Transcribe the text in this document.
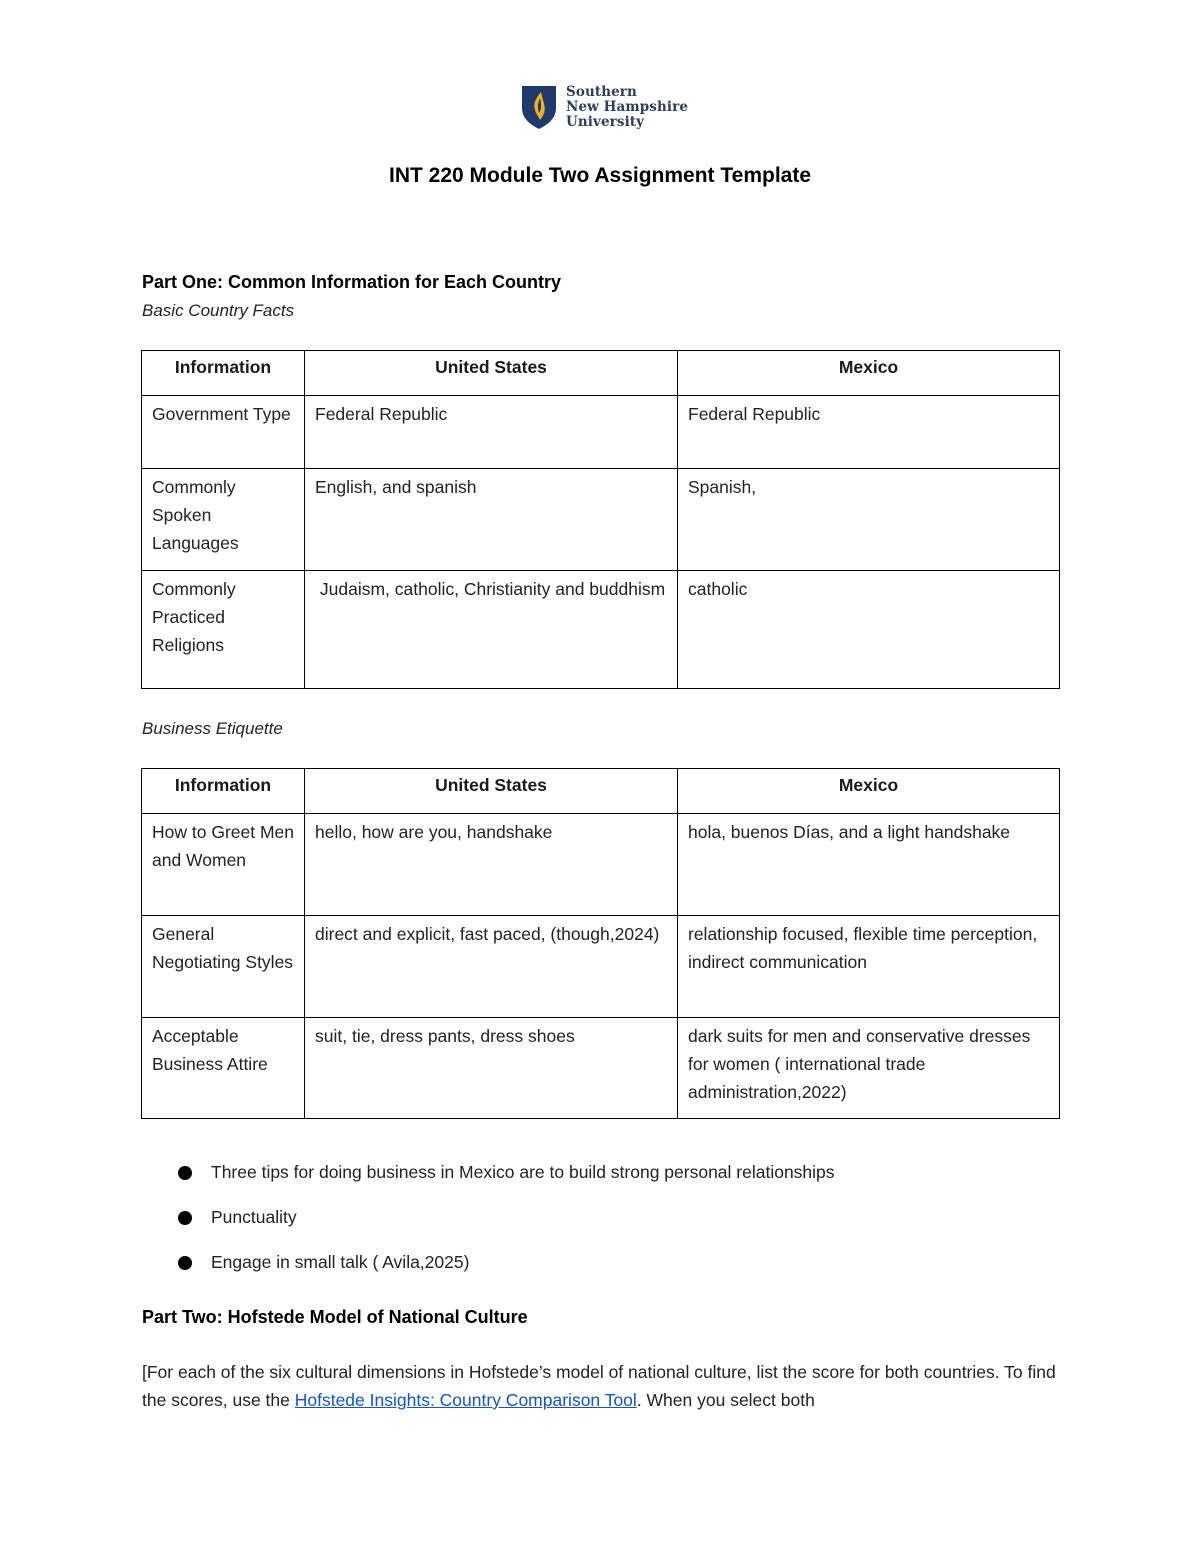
Southern
New Hampshire
University
INT 220 Module Two Assignment Template
Part One: Common Information for Each Country
Basic Country Facts
Information	United States	Mexico
Government Type	Federal Republic	Federal Republic
Commonly Spoken Languages	English, and spanish	Spanish,
Commonly Practiced Religions	Judaism, catholic, Christianity and buddhism	catholic
Business Etiquette
Information	United States	Mexico
How to Greet Men and Women	hello, how are you, handshake	hola, buenos Días, and a light handshake
General Negotiating Styles	direct and explicit, fast paced, (though,2024)	relationship focused, flexible time perception, indirect communication
Acceptable Business Attire	suit, tie, dress pants, dress shoes	dark suits for men and conservative dresses for women ( international trade administration,2022)
Three tips for doing business in Mexico are to build strong personal relationships
Punctuality
Engage in small talk ( Avila,2025)
Part Two: Hofstede Model of National Culture
[For each of the six cultural dimensions in Hofstede’s model of national culture, list the score for both countries. To find the scores, use the Hofstede Insights: Country Comparison Tool. When you select both
